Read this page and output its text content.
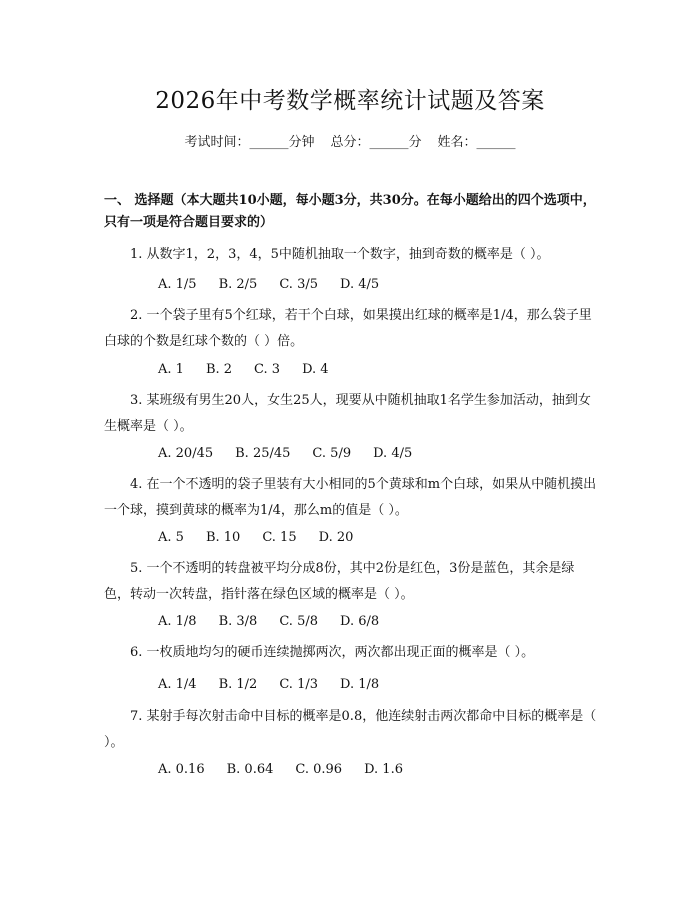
2026年中考数学概率统计试题及答案
考试时间：______分钟 总分：______分 姓名：______
一、 选择题（本大题共10小题，每小题3分，共30分。在每小题给出的四个选项中，只有一项是符合题目要求的）
1. 从数字1，2，3，4，5中随机抽取一个数字，抽到奇数的概率是（ ）。
A. 1/5 B. 2/5 C. 3/5 D. 4/5
2. 一个袋子里有5个红球，若干个白球，如果摸出红球的概率是1/4，那么袋子里白球的个数是红球个数的（ ）倍。
A. 1 B. 2 C. 3 D. 4
3. 某班级有男生20人，女生25人，现要从中随机抽取1名学生参加活动，抽到女生概率是（ ）。
A. 20/45 B. 25/45 C. 5/9 D. 4/5
4. 在一个不透明的袋子里装有大小相同的5个黄球和m个白球，如果从中随机摸出一个球，摸到黄球的概率为1/4，那么m的值是（ ）。
A. 5 B. 10 C. 15 D. 20
5. 一个不透明的转盘被平均分成8份，其中2份是红色，3份是蓝色，其余是绿色，转动一次转盘，指针落在绿色区域的概率是（ ）。
A. 1/8 B. 3/8 C. 5/8 D. 6/8
6. 一枚质地均匀的硬币连续抛掷两次，两次都出现正面的概率是（ ）。
A. 1/4 B. 1/2 C. 1/3 D. 1/8
7. 某射手每次射击命中目标的概率是0.8，他连续射击两次都命中目标的概率是（ ）。
A. 0.16 B. 0.64 C. 0.96 D. 1.6
